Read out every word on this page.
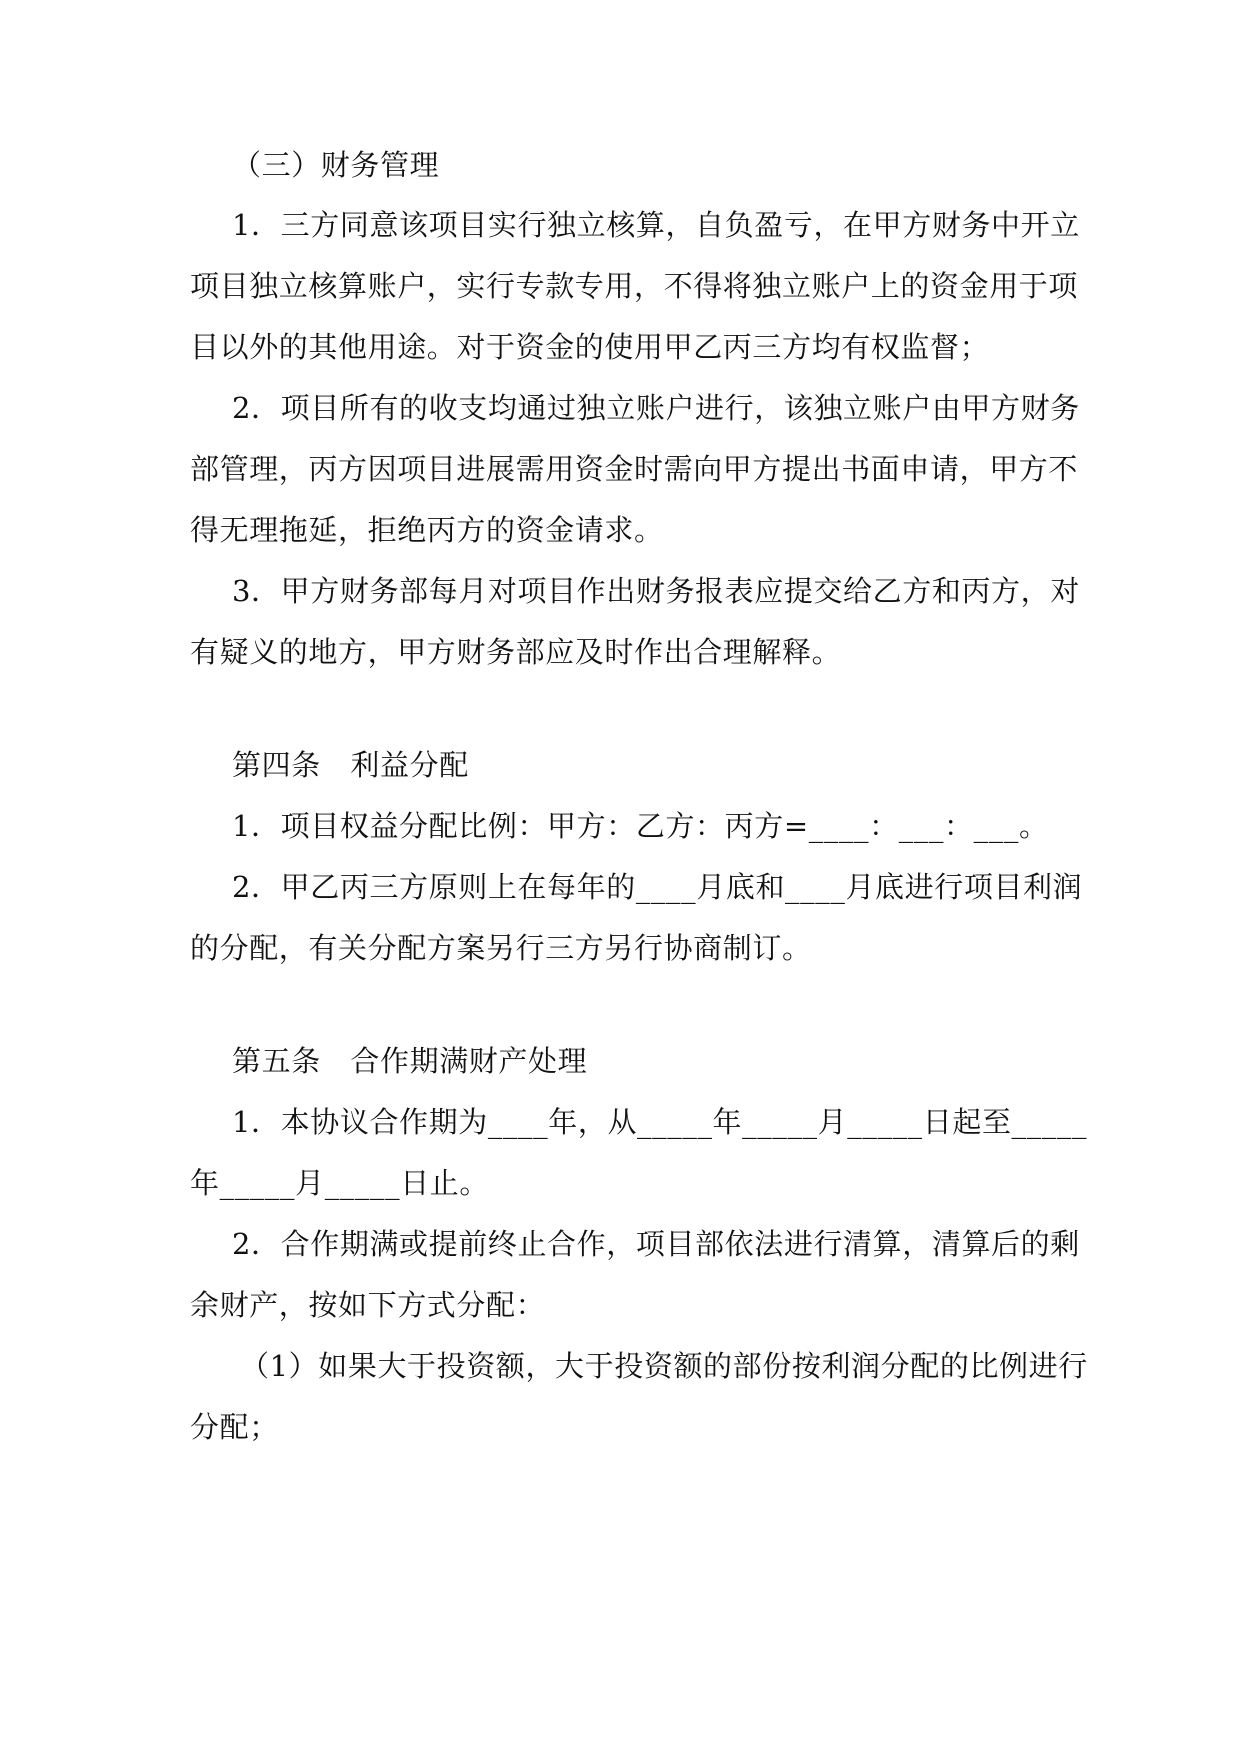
（三）财务管理
1．三方同意该项目实行独立核算，自负盈亏，在甲方财务中开立
项目独立核算账户，实行专款专用，不得将独立账户上的资金用于项
目以外的其他用途。对于资金的使用甲乙丙三方均有权监督；
2．项目所有的收支均通过独立账户进行，该独立账户由甲方财务
部管理，丙方因项目进展需用资金时需向甲方提出书面申请，甲方不
得无理拖延，拒绝丙方的资金请求。
3．甲方财务部每月对项目作出财务报表应提交给乙方和丙方，对
有疑义的地方，甲方财务部应及时作出合理解释。
第四条　利益分配
1．项目权益分配比例：甲方：乙方：丙方=____：___：___。
2．甲乙丙三方原则上在每年的____月底和____月底进行项目利润
的分配，有关分配方案另行三方另行协商制订。
第五条　合作期满财产处理
1．本协议合作期为____年，从_____年_____月_____日起至_____
年_____月_____日止。
2．合作期满或提前终止合作，项目部依法进行清算，清算后的剩
余财产，按如下方式分配：
（1）如果大于投资额，大于投资额的部份按利润分配的比例进行
分配；
